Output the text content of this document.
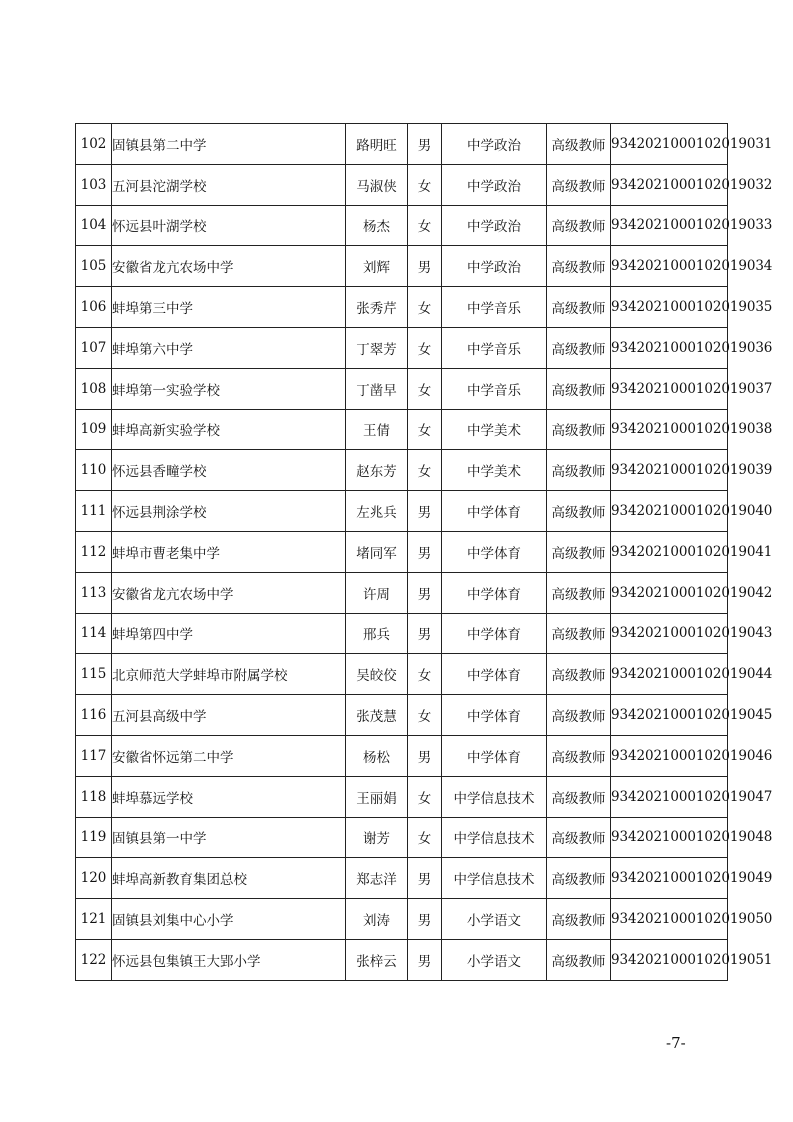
102	固镇县第二中学	路明旺	男	中学政治	高级教师	9342021000102019031
103	五河县沱湖学校	马淑侠	女	中学政治	高级教师	9342021000102019032
104	怀远县叶湖学校	杨杰	女	中学政治	高级教师	9342021000102019033
105	安徽省龙亢农场中学	刘辉	男	中学政治	高级教师	9342021000102019034
106	蚌埠第三中学	张秀芹	女	中学音乐	高级教师	9342021000102019035
107	蚌埠第六中学	丁翠芳	女	中学音乐	高级教师	9342021000102019036
108	蚌埠第一实验学校	丁凿早	女	中学音乐	高级教师	9342021000102019037
109	蚌埠高新实验学校	王倩	女	中学美术	高级教师	9342021000102019038
110	怀远县香疃学校	赵东芳	女	中学美术	高级教师	9342021000102019039
111	怀远县荆涂学校	左兆兵	男	中学体育	高级教师	9342021000102019040
112	蚌埠市曹老集中学	堵同军	男	中学体育	高级教师	9342021000102019041
113	安徽省龙亢农场中学	许周	男	中学体育	高级教师	9342021000102019042
114	蚌埠第四中学	邢兵	男	中学体育	高级教师	9342021000102019043
115	北京师范大学蚌埠市附属学校	吴皎佼	女	中学体育	高级教师	9342021000102019044
116	五河县高级中学	张茂慧	女	中学体育	高级教师	9342021000102019045
117	安徽省怀远第二中学	杨松	男	中学体育	高级教师	9342021000102019046
118	蚌埠慕远学校	王丽娟	女	中学信息技术	高级教师	9342021000102019047
119	固镇县第一中学	谢芳	女	中学信息技术	高级教师	9342021000102019048
120	蚌埠高新教育集团总校	郑志洋	男	中学信息技术	高级教师	9342021000102019049
121	固镇县刘集中心小学	刘涛	男	小学语文	高级教师	9342021000102019050
122	怀远县包集镇王大郢小学	张梓云	男	小学语文	高级教师	9342021000102019051
-7-
